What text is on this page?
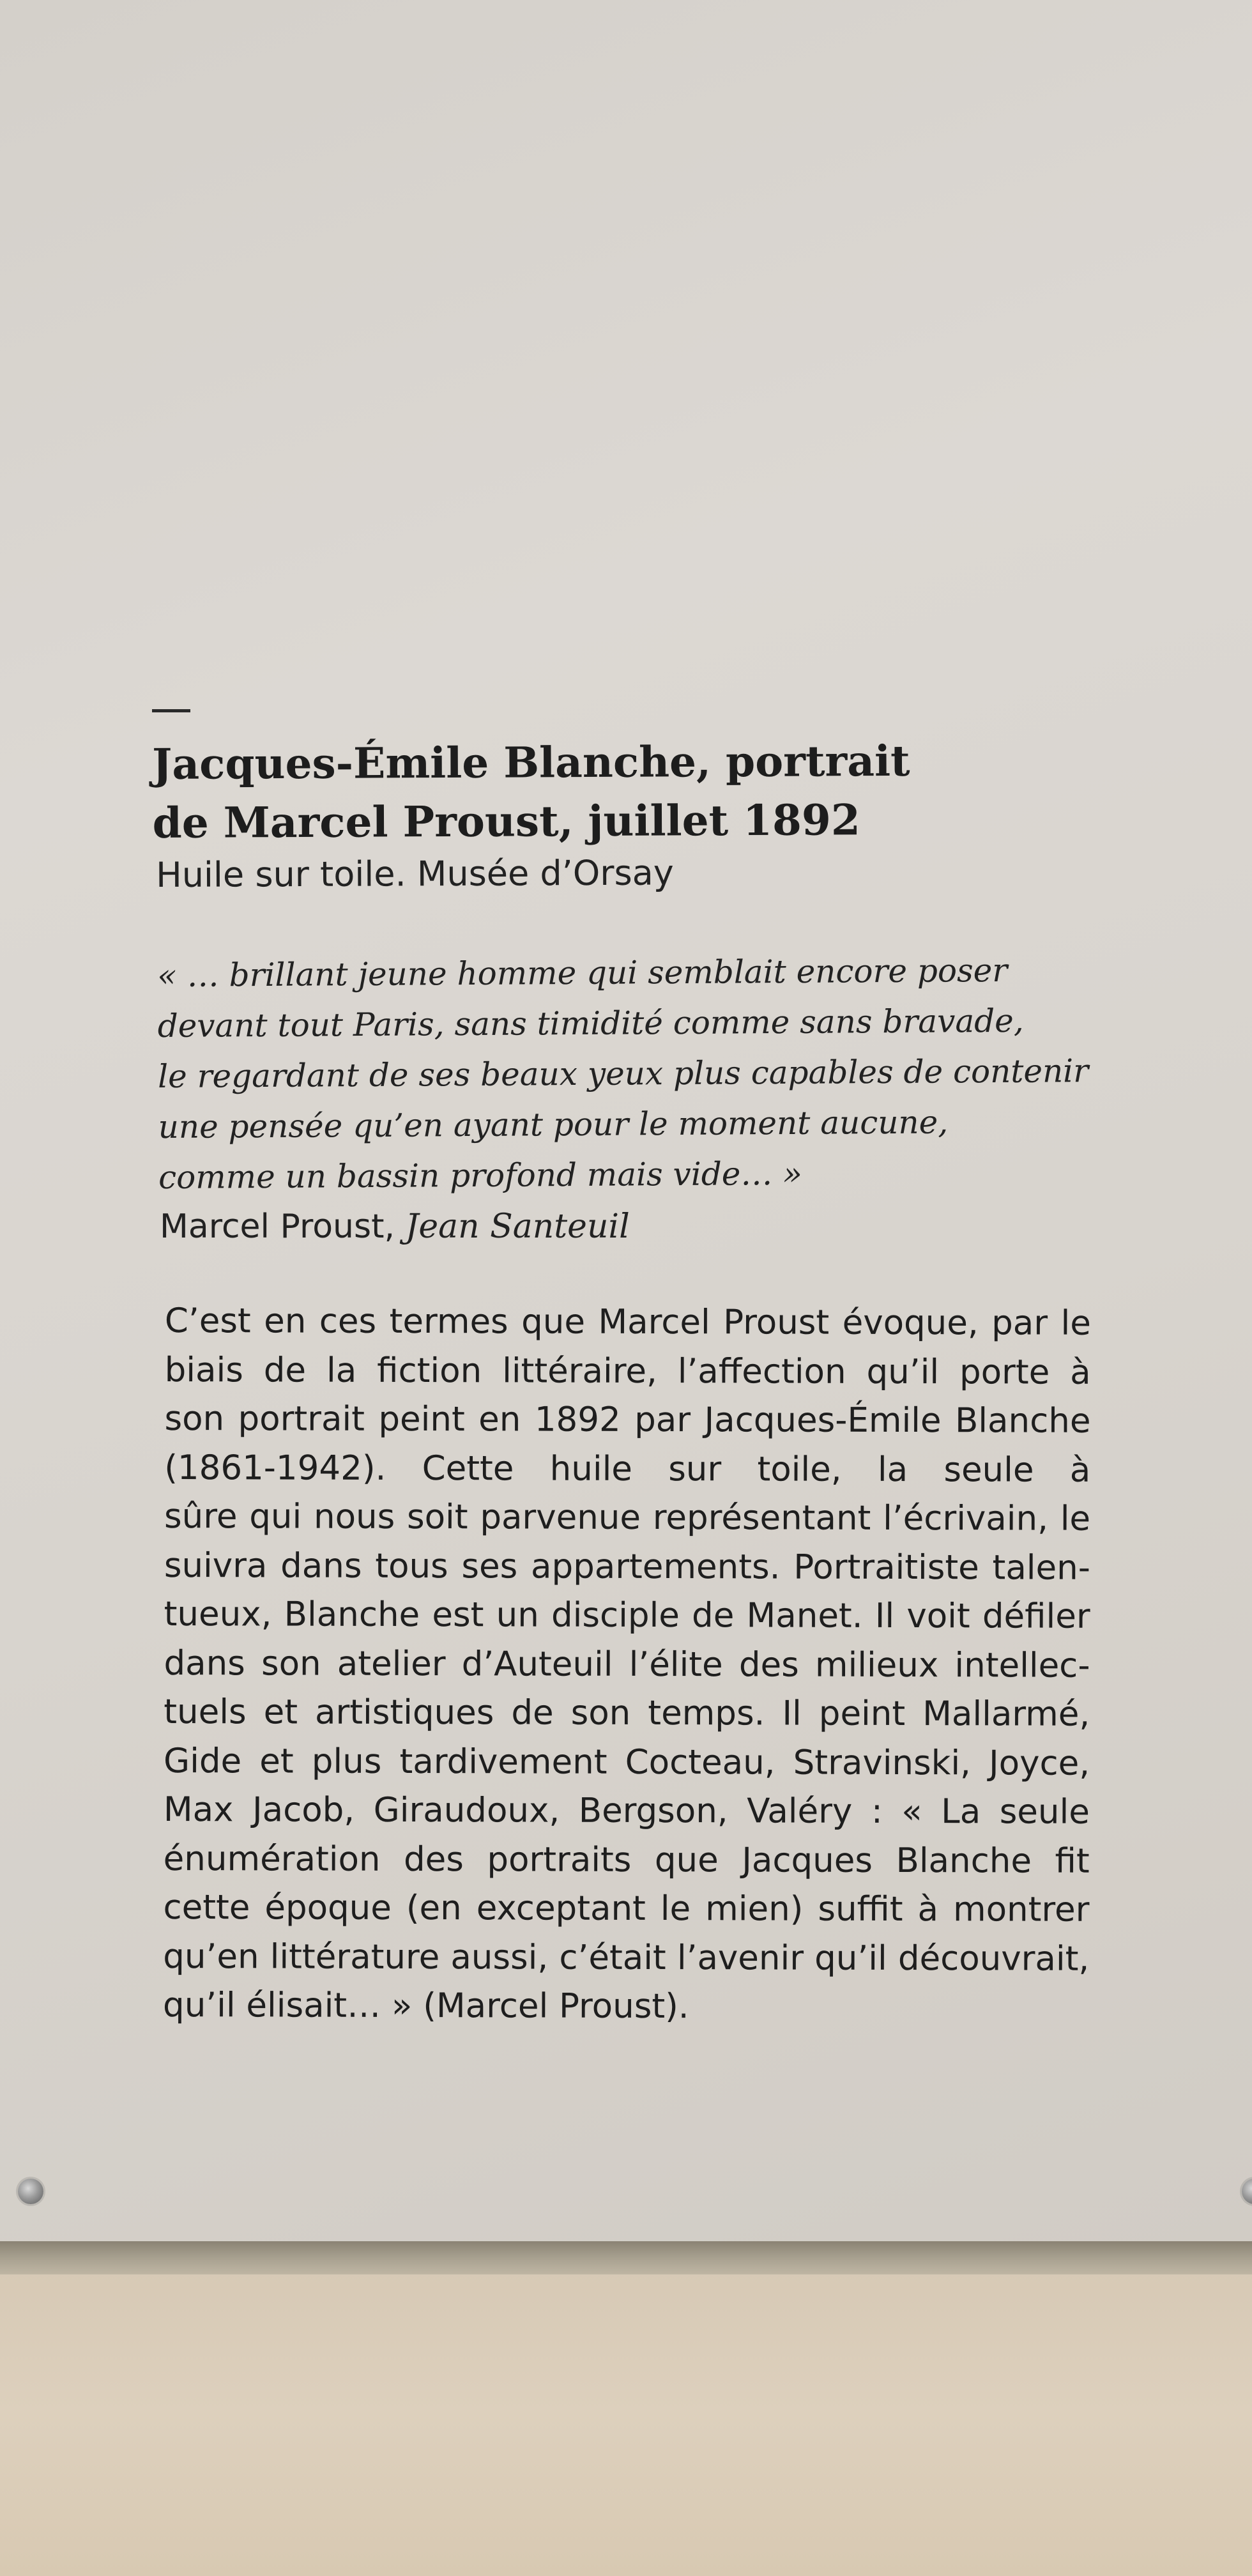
Jacques-Émile Blanche, portrait
de Marcel Proust, juillet 1892
Huile sur toile. Musée d’Orsay
« … brillant jeune homme qui semblait encore poser
devant tout Paris, sans timidité comme sans bravade,
le regardant de ses beaux yeux plus capables de contenir
une pensée qu’en ayant pour le moment aucune,
comme un bassin profond mais vide… »
Marcel Proust, Jean Santeuil
C’est en ces termes que Marcel Proust évoque, par le
biais de la fiction littéraire, l’affection qu’il porte à
son portrait peint en 1892 par Jacques-Émile Blanche
(1861-1942). Cette huile sur toile, la seule à
sûre qui nous soit parvenue représentant l’écrivain, le
suivra dans tous ses appartements. Portraitiste talen-
tueux, Blanche est un disciple de Manet. Il voit défiler
dans son atelier d’Auteuil l’élite des milieux intellec-
tuels et artistiques de son temps. Il peint Mallarmé,
Gide et plus tardivement Cocteau, Stravinski, Joyce,
Max Jacob, Giraudoux, Bergson, Valéry : « La seule
énumération des portraits que Jacques Blanche fit
cette époque (en exceptant le mien) suffit à montrer
qu’en littérature aussi, c’était l’avenir qu’il découvrait,
qu’il élisait… » (Marcel Proust).
